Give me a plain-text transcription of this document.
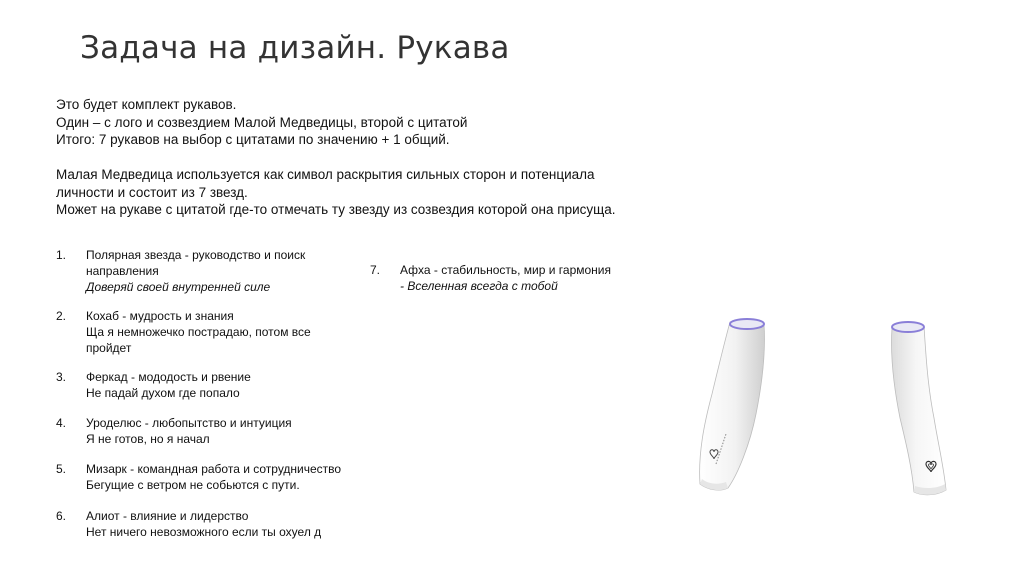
Задача на дизайн. Рукава

Это будет комплект рукавов.

Один – с лого и созвездием Малой Медведицы, второй с цитатой

Итого: 7 рукавов на выбор с цитатами по значению + 1 общий.

Малая Медведица используется как символ раскрытия сильных сторон и потенциала

личности и состоит из 7 звезд.

Может на рукаве с цитатой где-то отмечать ту звезду из созвездия которой она присуща.

1. Полярная звезда - руководство и поиск
направления
Доверяй своей внутренней силе
2. Кохаб - мудрость и знания
Ща я немножечко пострадаю, потом все
пройдет
3. Феркад - мододость и рвение
Не падай духом где попало
4. Уроделюс - любопытство и интуиция
Я не готов, но я начал
5. Мизарк - командная работа и сотрудничество
Бегущие с ветром не собьются с пути.
6. Алиот - влияние и лидерство
Нет ничего невозможного если ты охуел д
7. Афха - стабильность, мир и гармония
- Вселенная всегда с тобой
